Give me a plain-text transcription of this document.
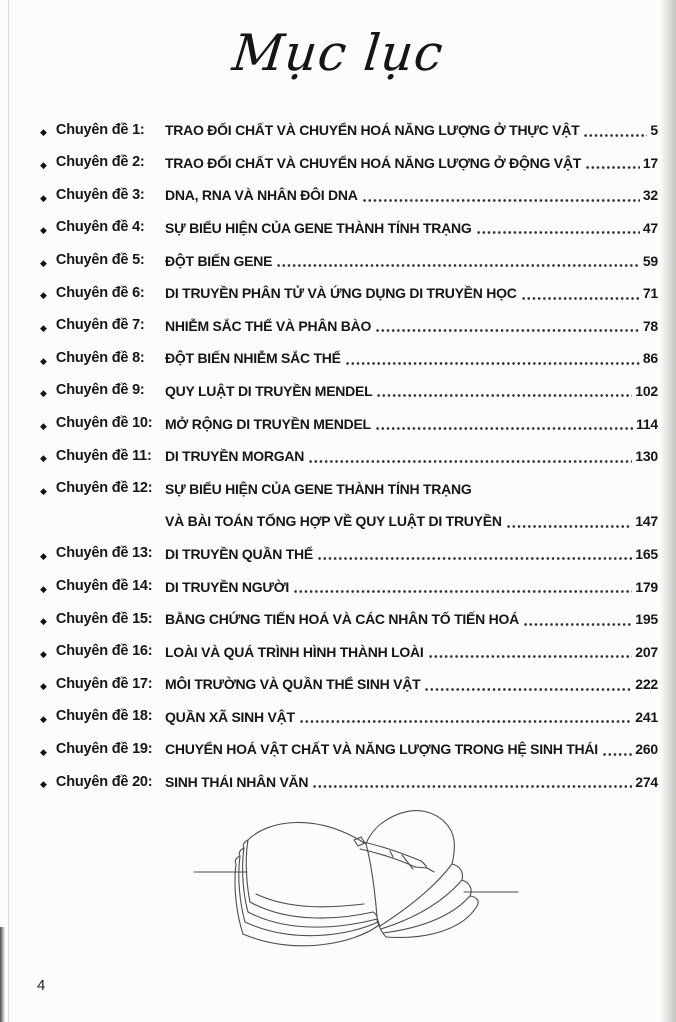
Mục lục
◆ Chuyên đề 1: TRAO ĐỔI CHẤT VÀ CHUYỂN HOÁ NĂNG LƯỢNG Ở THỰC VẬT	5
◆ Chuyên đề 2: TRAO ĐỔI CHẤT VÀ CHUYỂN HOÁ NĂNG LƯỢNG Ở ĐỘNG VẬT	17
◆ Chuyên đề 3: DNA, RNA VÀ NHÂN ĐÔI DNA	32
◆ Chuyên đề 4: SỰ BIỂU HIỆN CỦA GENE THÀNH TÍNH TRẠNG	47
◆ Chuyên đề 5: ĐỘT BIẾN GENE	59
◆ Chuyên đề 6: DI TRUYỀN PHÂN TỬ VÀ ỨNG DỤNG DI TRUYỀN HỌC	71
◆ Chuyên đề 7: NHIỄM SẮC THỂ VÀ PHÂN BÀO	78
◆ Chuyên đề 8: ĐỘT BIẾN NHIỄM SẮC THỂ	86
◆ Chuyên đề 9: QUY LUẬT DI TRUYỀN MENDEL	102
◆ Chuyên đề 10: MỞ RỘNG DI TRUYỀN MENDEL	114
◆ Chuyên đề 11: DI TRUYỀN MORGAN	130
◆ Chuyên đề 12: SỰ BIỂU HIỆN CỦA GENE THÀNH TÍNH TRẠNG
VÀ BÀI TOÁN TỔNG HỢP VỀ QUY LUẬT DI TRUYỀN	147
◆ Chuyên đề 13: DI TRUYỀN QUẦN THỂ	165
◆ Chuyên đề 14: DI TRUYỀN NGƯỜI	179
◆ Chuyên đề 15: BẰNG CHỨNG TIẾN HOÁ VÀ CÁC NHÂN TỐ TIẾN HOÁ	195
◆ Chuyên đề 16: LOÀI VÀ QUÁ TRÌNH HÌNH THÀNH LOÀI	207
◆ Chuyên đề 17: MÔI TRƯỜNG VÀ QUẦN THỂ SINH VẬT	222
◆ Chuyên đề 18: QUẦN XÃ SINH VẬT	241
◆ Chuyên đề 19: CHUYỂN HOÁ VẬT CHẤT VÀ NĂNG LƯỢNG TRONG HỆ SINH THÁI	260
◆ Chuyên đề 20: SINH THÁI NHÂN VĂN	274
4
